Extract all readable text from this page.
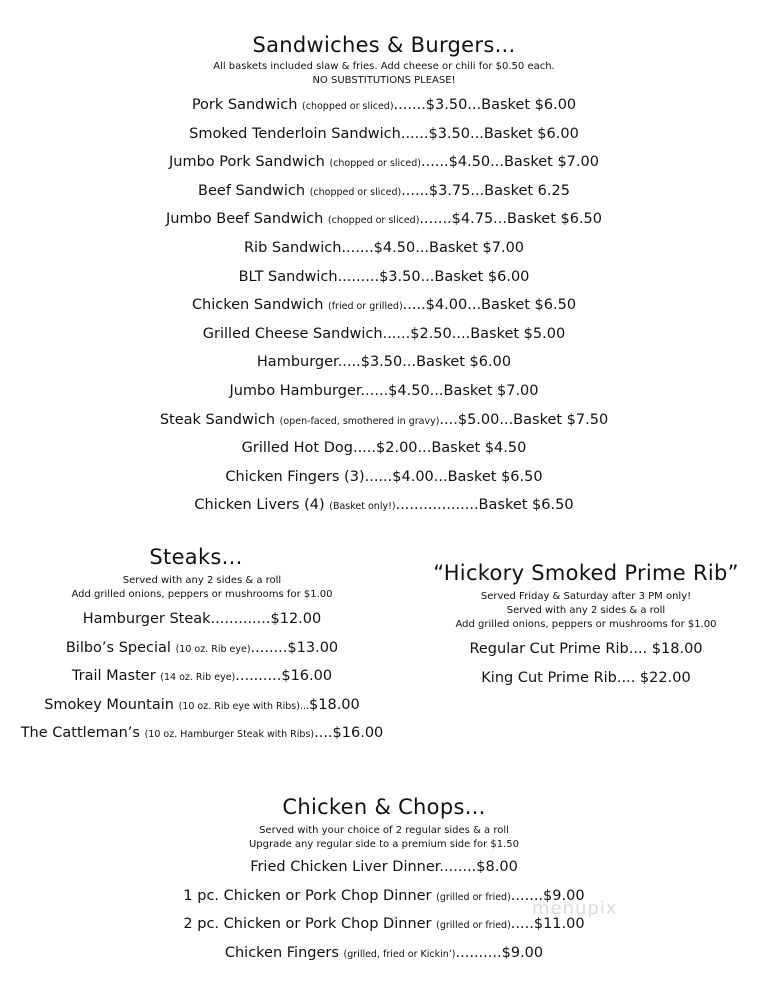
Sandwiches & Burgers...
All baskets included slaw & fries. Add cheese or chili for $0.50 each.
NO SUBSTITUTIONS PLEASE!
Pork Sandwich (chopped or sliced).......$3.50...Basket $6.00
Smoked Tenderloin Sandwich......$3.50...Basket $6.00
Jumbo Pork Sandwich (chopped or sliced)......$4.50...Basket $7.00
Beef Sandwich (chopped or sliced)......$3.75...Basket 6.25
Jumbo Beef Sandwich (chopped or sliced).......$4.75...Basket $6.50
Rib Sandwich.......$4.50...Basket $7.00
BLT Sandwich.........$3.50...Basket $6.00
Chicken Sandwich (fried or grilled).....$4.00...Basket $6.50
Grilled Cheese Sandwich......$2.50....Basket $5.00
Hamburger.....$3.50...Basket $6.00
Jumbo Hamburger......$4.50...Basket $7.00
Steak Sandwich (open-faced, smothered in gravy)....$5.00...Basket $7.50
Grilled Hot Dog.....$2.00...Basket $4.50
Chicken Fingers (3)......$4.00...Basket $6.50
Chicken Livers (4) (Basket only!)..................Basket $6.50
Steaks...
Served with any 2 sides & a roll
Add grilled onions, peppers or mushrooms for $1.00
Hamburger Steak.............$12.00
Bilbo’s Special (10 oz. Rib eye)........$13.00
Trail Master (14 oz. Rib eye)..........$16.00
Smokey Mountain (10 oz. Rib eye with Ribs)...$18.00
The Cattleman’s (10 oz. Hamburger Steak with Ribs)....$16.00
“Hickory Smoked Prime Rib”
Served Friday & Saturday after 3 PM only!
Served with any 2 sides & a roll
Add grilled onions, peppers or mushrooms for $1.00
Regular Cut Prime Rib.... $18.00
King Cut Prime Rib.... $22.00
Chicken & Chops...
Served with your choice of 2 regular sides & a roll
Upgrade any regular side to a premium side for $1.50
Fried Chicken Liver Dinner........$8.00
1 pc. Chicken or Pork Chop Dinner (grilled or fried).......$9.00
2 pc. Chicken or Pork Chop Dinner (grilled or fried).....$11.00
Chicken Fingers (grilled, fried or Kickin’)..........$9.00
menupix
